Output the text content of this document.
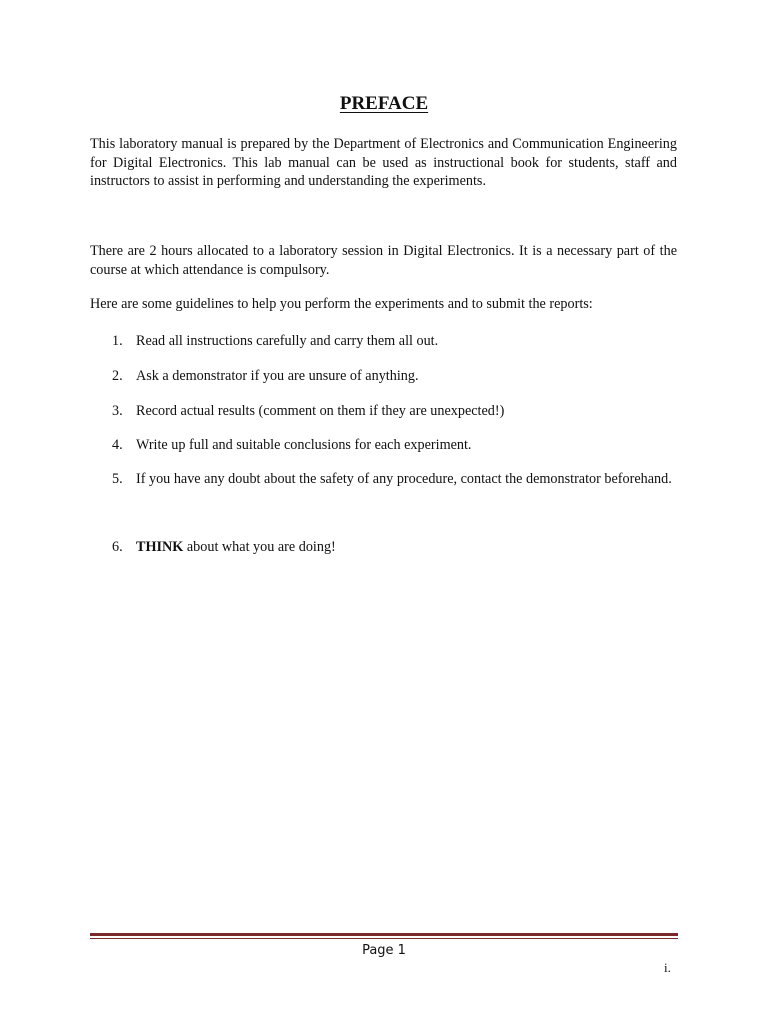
PREFACE

This laboratory manual is prepared by the Department of Electronics and Communication Engineering for Digital Electronics. This lab manual can be used as instructional book for students, staff and instructors to assist in performing and understanding the experiments.

There are 2 hours allocated to a laboratory session in Digital Electronics. It is a necessary part of the course at which attendance is compulsory.

Here are some guidelines to help you perform the experiments and to submit the reports:

1. Read all instructions carefully and carry them all out.
2. Ask a demonstrator if you are unsure of anything.
3. Record actual results (comment on them if they are unexpected!)
4. Write up full and suitable conclusions for each experiment.
5. If you have any doubt about the safety of any procedure, contact the demonstrator beforehand.
6. THINK about what you are doing!

Page 1

i.
